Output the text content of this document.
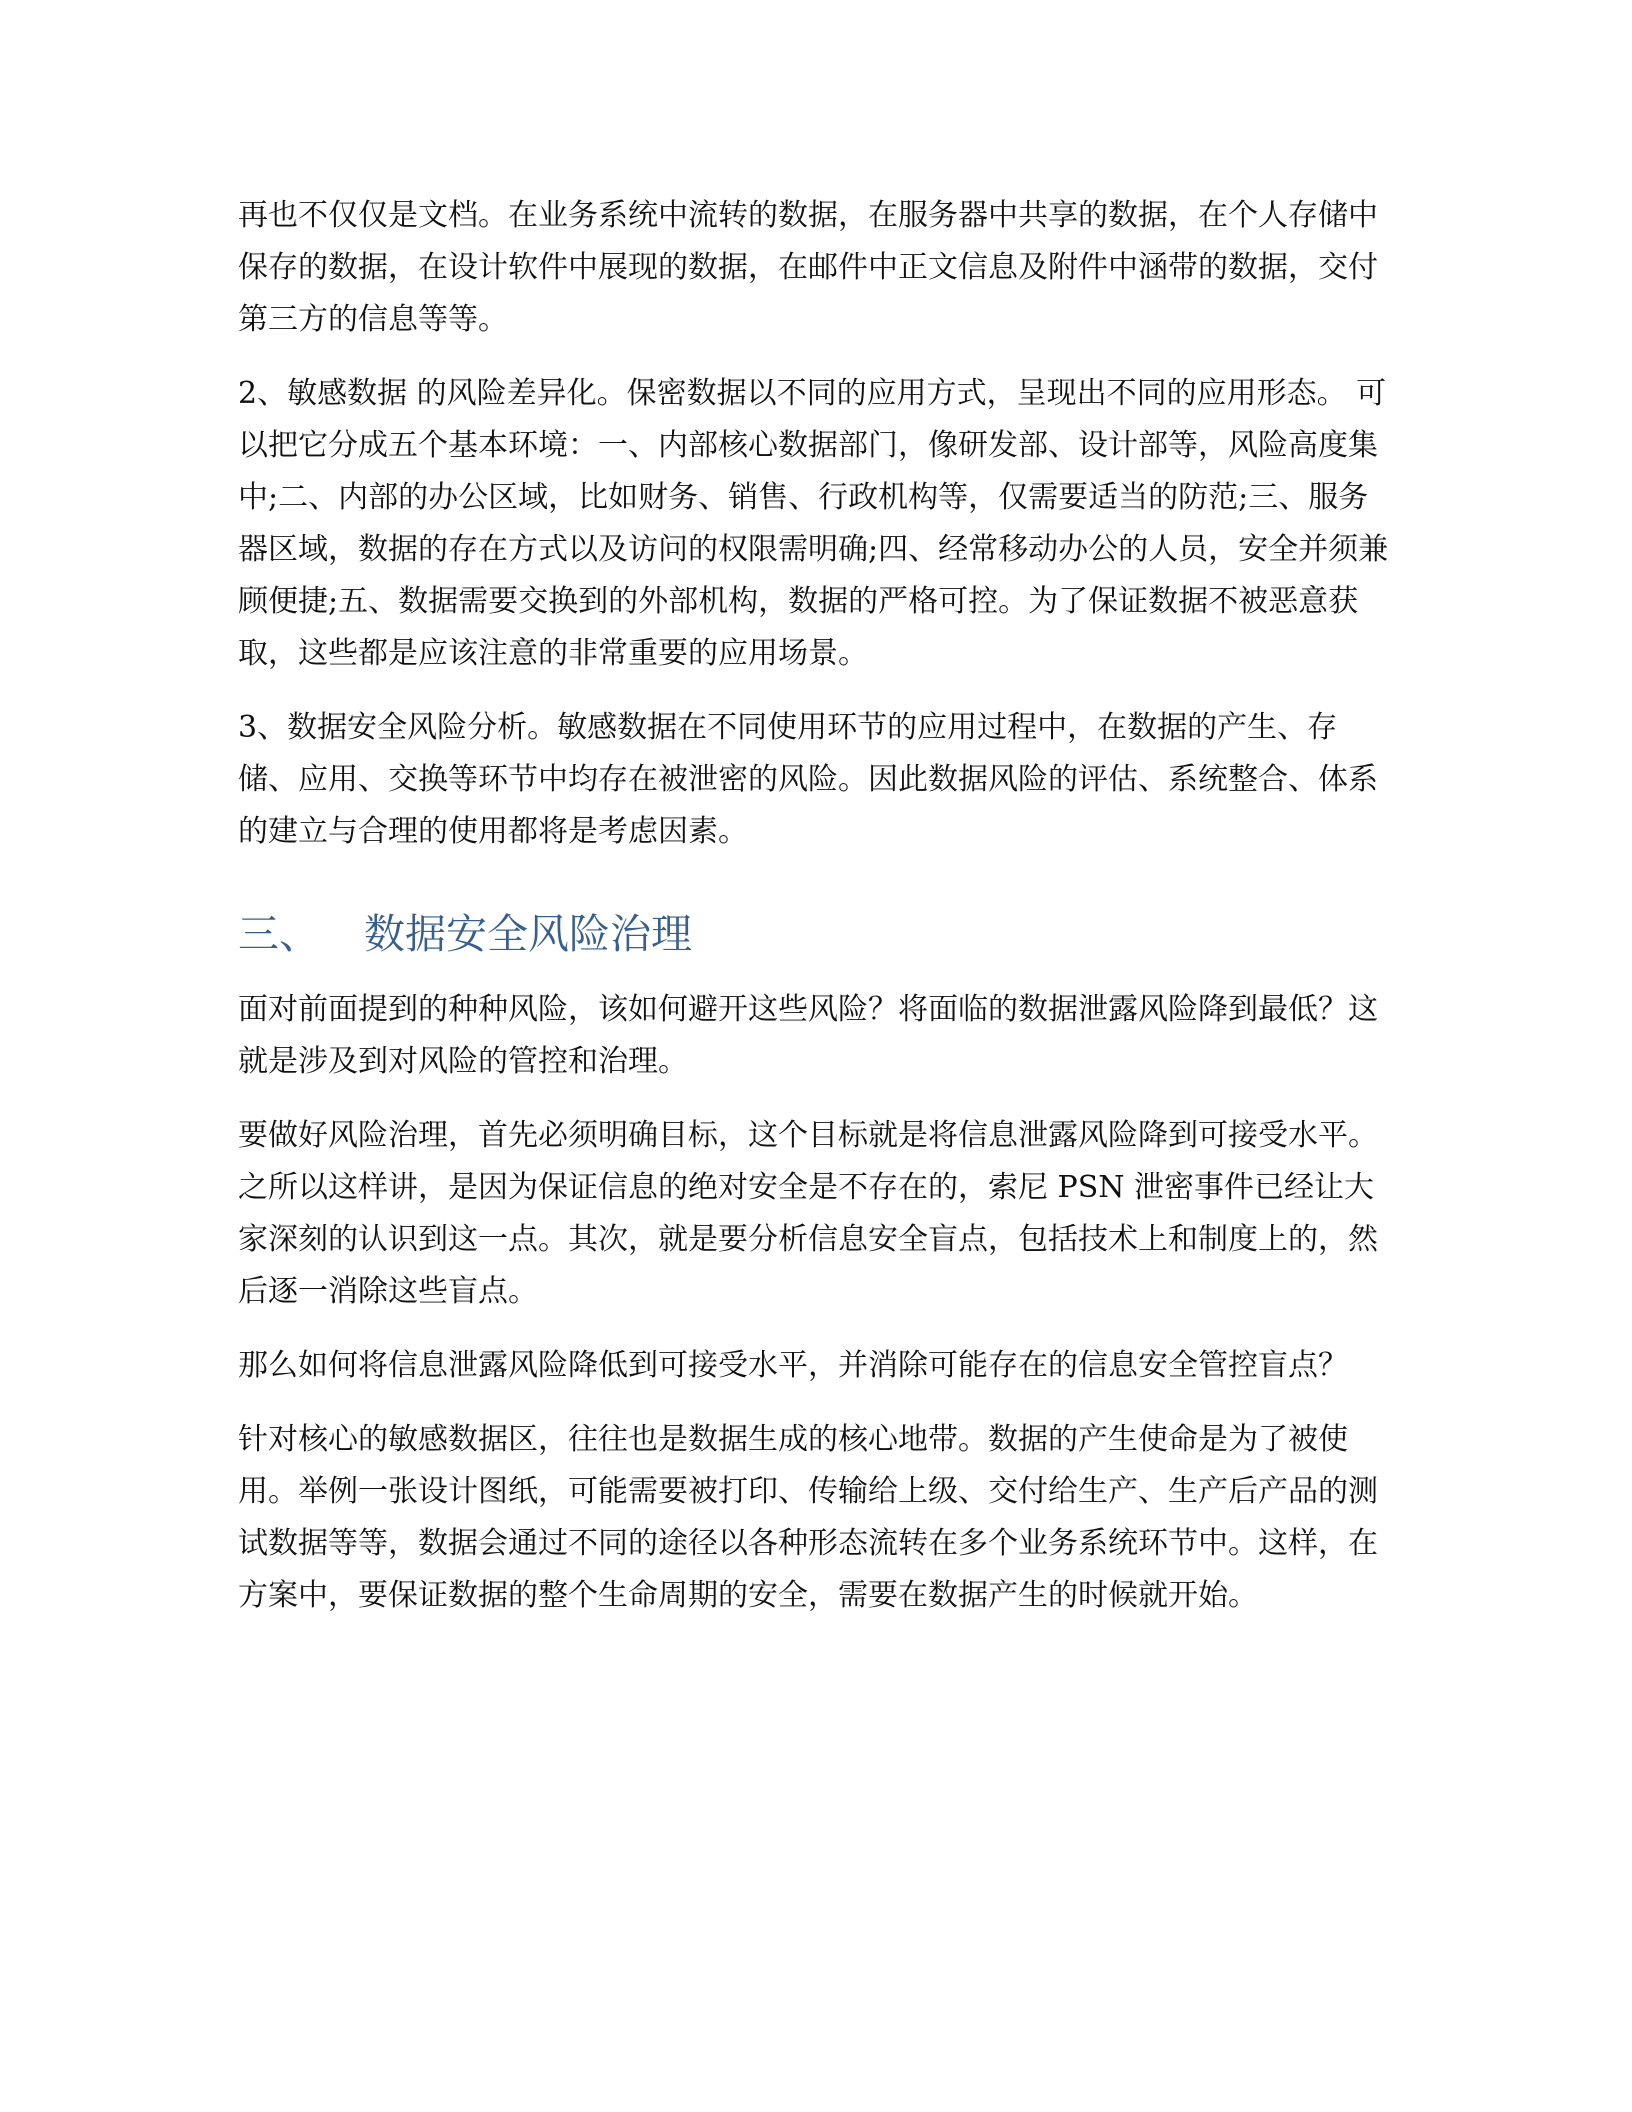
再也不仅仅是文档。在业务系统中流转的数据，在服务器中共享的数据，在个人存储中保存的数据，在设计软件中展现的数据，在邮件中正文信息及附件中涵带的数据，交付第三方的信息等等。

2、敏感数据 的风险差异化。保密数据以不同的应用方式，呈现出不同的应用形态。 可以把它分成五个基本环境：一、内部核心数据部门，像研发部、设计部等，风险高度集中;二、内部的办公区域，比如财务、销售、行政机构等，仅需要适当的防范;三、服务器区域，数据的存在方式以及访问的权限需明确;四、经常移动办公的人员，安全并须兼顾便捷;五、数据需要交换到的外部机构，数据的严格可控。为了保证数据不被恶意获取，这些都是应该注意的非常重要的应用场景。

3、数据安全风险分析。敏感数据在不同使用环节的应用过程中，在数据的产生、存储、应用、交换等环节中均存在被泄密的风险。因此数据风险的评估、系统整合、体系的建立与合理的使用都将是考虑因素。

三、 数据安全风险治理

面对前面提到的种种风险，该如何避开这些风险？将面临的数据泄露风险降到最低？这就是涉及到对风险的管控和治理。

要做好风险治理，首先必须明确目标，这个目标就是将信息泄露风险降到可接受水平。之所以这样讲，是因为保证信息的绝对安全是不存在的，索尼 PSN 泄密事件已经让大家深刻的认识到这一点。其次，就是要分析信息安全盲点，包括技术上和制度上的，然后逐一消除这些盲点。

那么如何将信息泄露风险降低到可接受水平，并消除可能存在的信息安全管控盲点？

针对核心的敏感数据区，往往也是数据生成的核心地带。数据的产生使命是为了被使用。举例一张设计图纸，可能需要被打印、传输给上级、交付给生产、生产后产品的测试数据等等，数据会通过不同的途径以各种形态流转在多个业务系统环节中。这样，在方案中，要保证数据的整个生命周期的安全，需要在数据产生的时候就开始。
